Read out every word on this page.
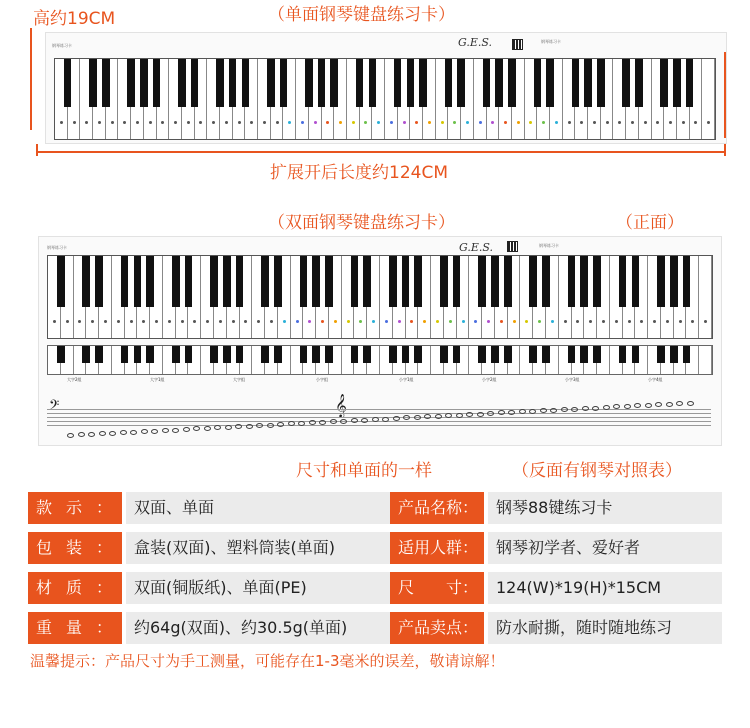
高约19CM	（单面钢琴键盘练习卡）
钢琴练习卡	G.E.S.	钢琴练习卡
扩展开后长度约124CM
（双面钢琴键盘练习卡）	（正面）
钢琴练习卡	G.E.S.	钢琴练习卡
大字2组	大字1组	大字组	小字组	小字1组	小字2组	小字3组	小字4组
𝄢	𝄞
尺寸和单面的一样	（反面有钢琴对照表）
款 示 ：	双面、单面	产品名称：	钢琴88键练习卡
包 装 ：	盒装(双面)、塑料筒装(单面)	适用人群：	钢琴初学者、爱好者
材 质 ：	双面(铜版纸)、单面(PE)	尺　　寸：	124(W)*19(H)*15CM
重 量 ：	约64g(双面)、约30.5g(单面)	产品卖点：	防水耐撕，随时随地练习
温馨提示：产品尺寸为手工测量，可能存在1-3毫米的误差，敬请谅解！
